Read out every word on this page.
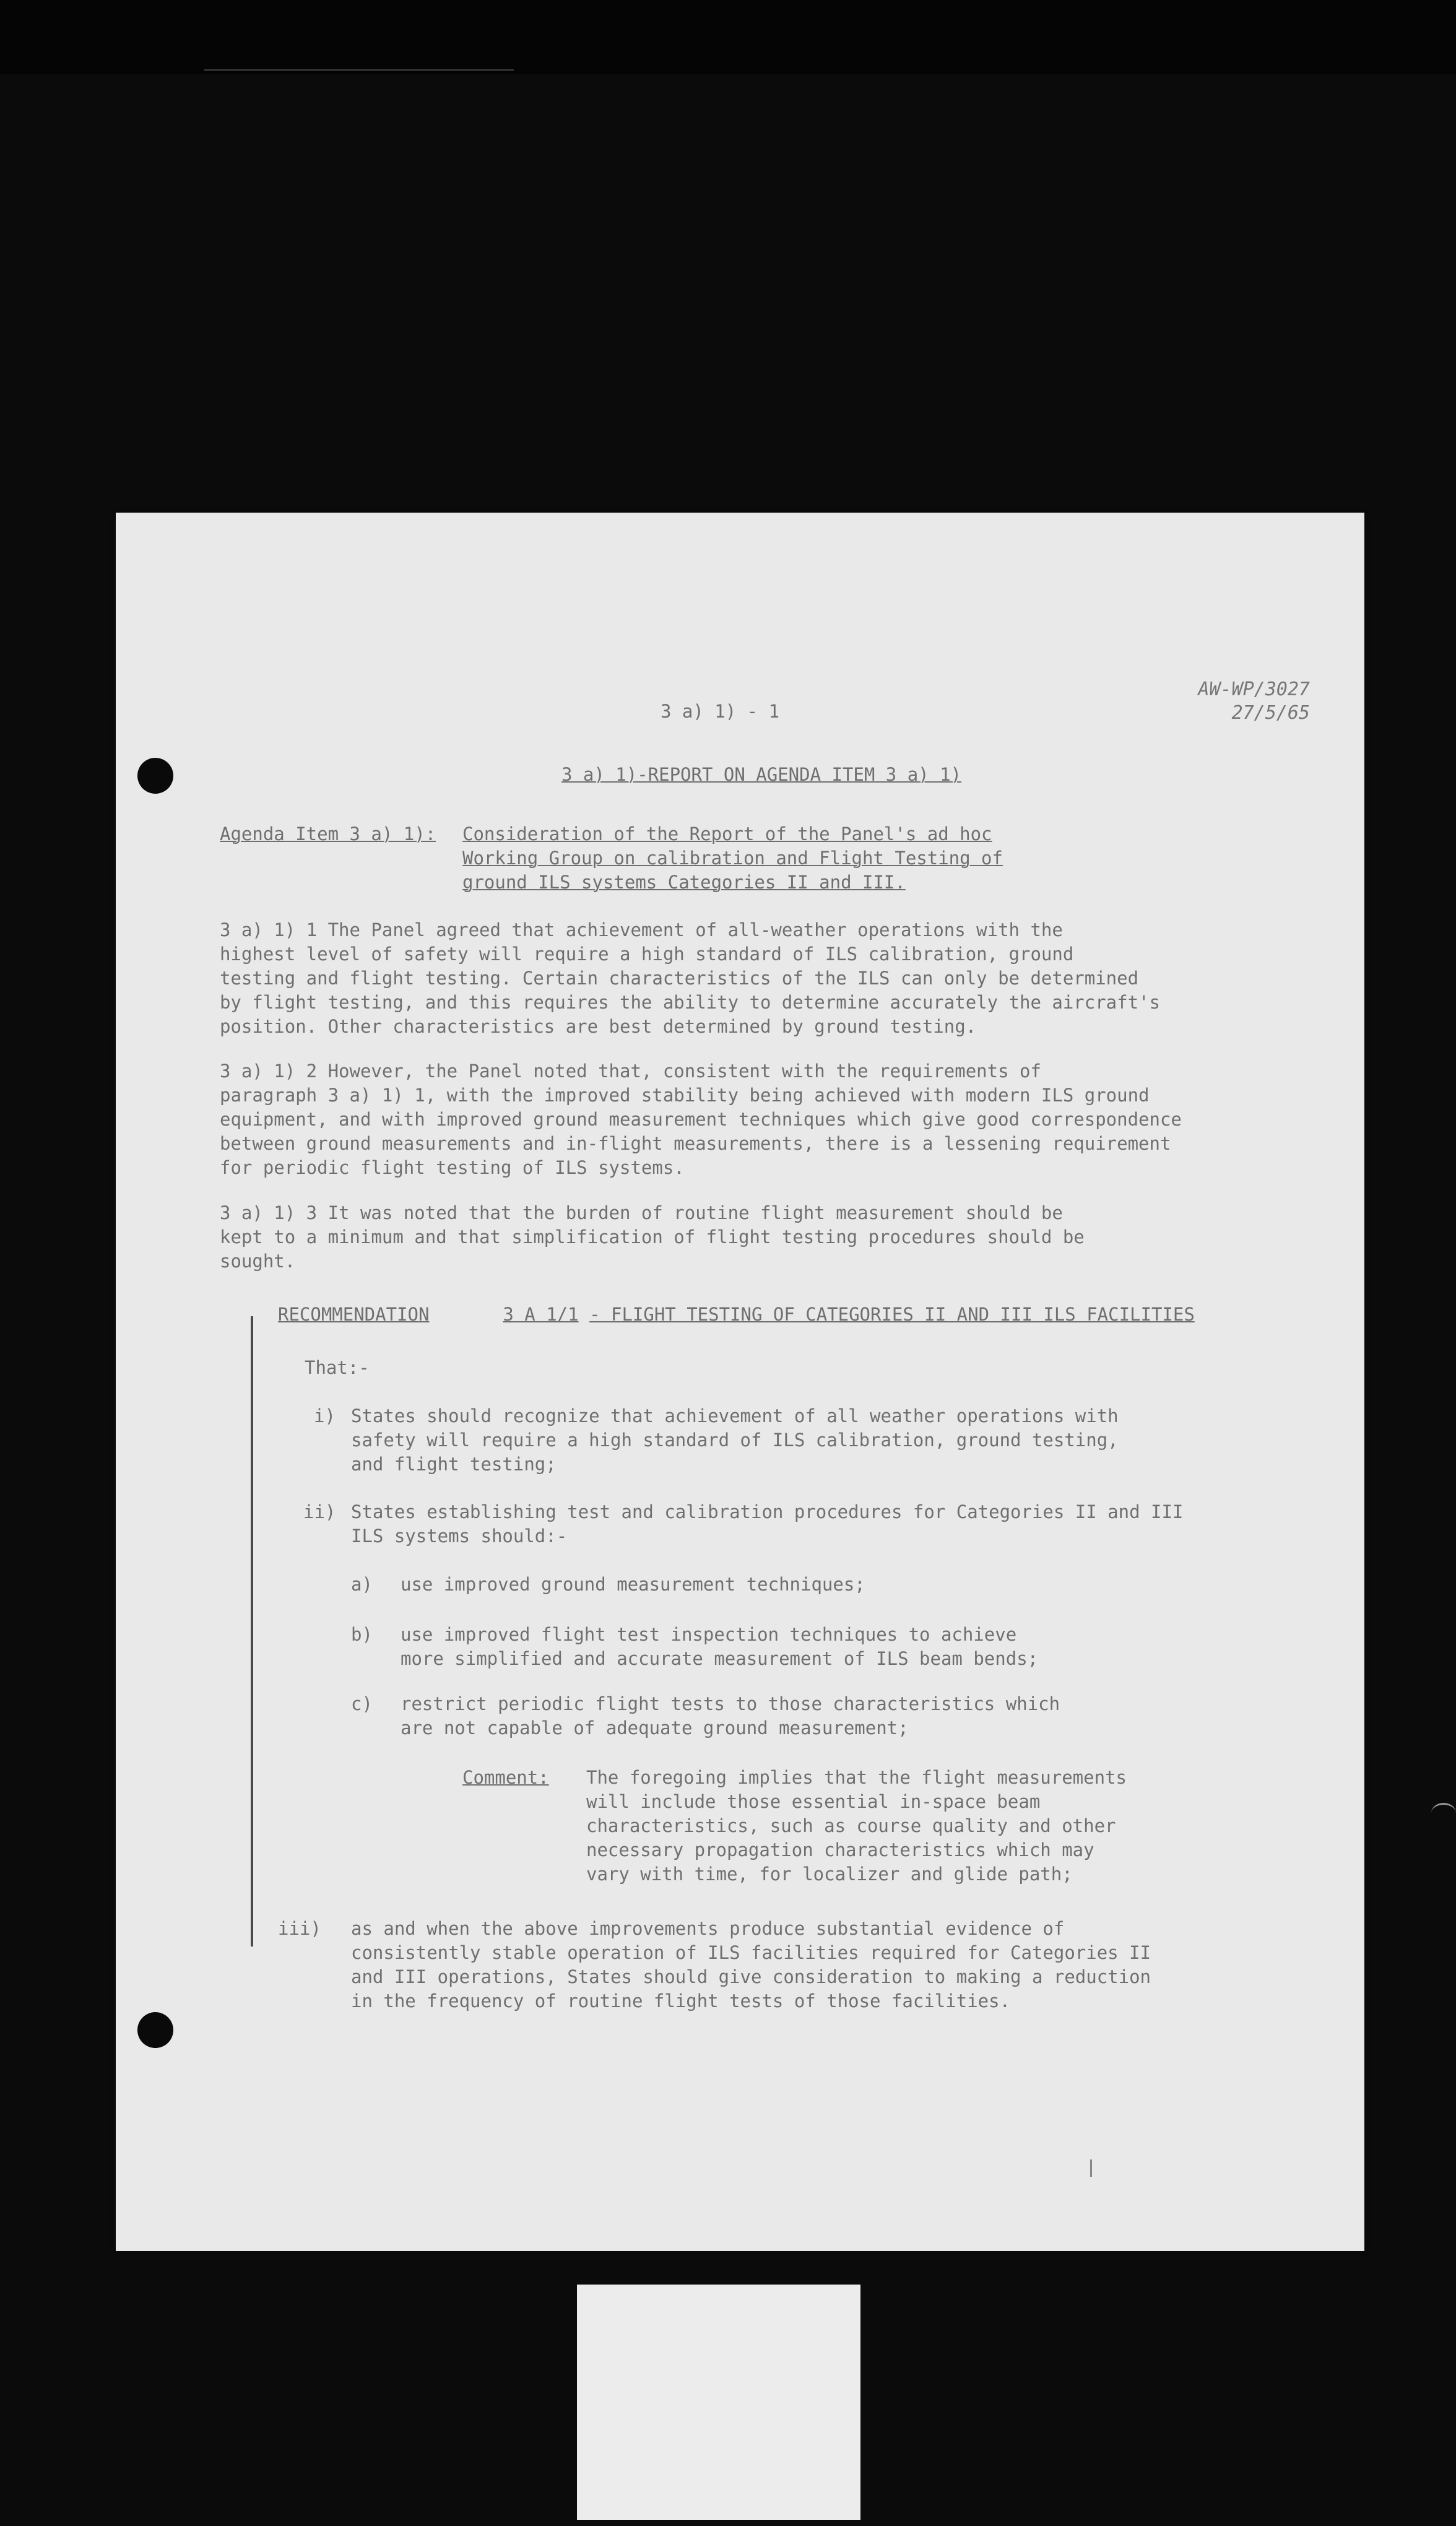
3 a) 1) - 1
AW-WP/3027
27/5/65
3 a) 1)-REPORT ON AGENDA ITEM 3 a) 1)
Agenda Item 3 a) 1): Consideration of the Report of the Panel's ad hoc
Working Group on calibration and Flight Testing of
ground ILS systems Categories II and III.

3 a) 1) 1 The Panel agreed that achievement of all-weather operations with the

highest level of safety will require a high standard of ILS calibration, ground

testing and flight testing. Certain characteristics of the ILS can only be determined

by flight testing, and this requires the ability to determine accurately the aircraft's

position. Other characteristics are best determined by ground testing.

3 a) 1) 2 However, the Panel noted that, consistent with the requirements of

paragraph 3 a) 1) 1, with the improved stability being achieved with modern ILS ground

equipment, and with improved ground measurement techniques which give good correspondence

between ground measurements and in-flight measurements, there is a lessening requirement

for periodic flight testing of ILS systems.

3 a) 1) 3 It was noted that the burden of routine flight measurement should be

kept to a minimum and that simplification of flight testing procedures should be

sought.

RECOMMENDATION	3 A 1/1 - FLIGHT TESTING OF CATEGORIES II AND III ILS FACILITIES
That:-
i) States should recognize that achievement of all weather operations with

safety will require a high standard of ILS calibration, ground testing,

and flight testing;

ii) States establishing test and calibration procedures for Categories II and III

ILS systems should:-

a) use improved ground measurement techniques;

b) use improved flight test inspection techniques to achieve

more simplified and accurate measurement of ILS beam bends;

c) restrict periodic flight tests to those characteristics which

are not capable of adequate ground measurement;

Comment: The foregoing implies that the flight measurements

will include those essential in-space beam

characteristics, such as course quality and other

necessary propagation characteristics which may

vary with time, for localizer and glide path;

iii) as and when the above improvements produce substantial evidence of

consistently stable operation of ILS facilities required for Categories II

and III operations, States should give consideration to making a reduction

in the frequency of routine flight tests of those facilities.
